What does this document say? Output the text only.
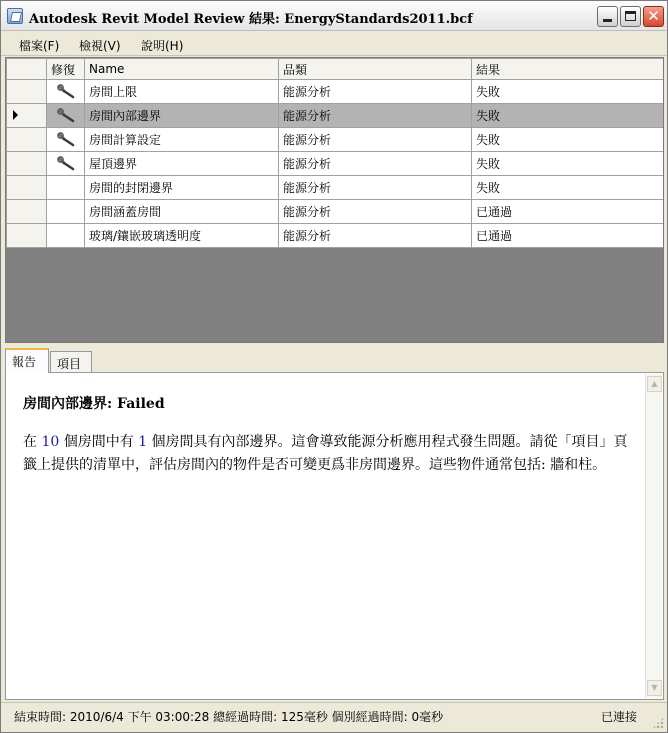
Autodesk Revit Model Review 結果: EnergyStandards2011.bcf	✕
檔案(F) 檢視(V) 說明(H)
	修復	Name	品類	結果
		房間上限	能源分析	失敗
		房間內部邊界	能源分析	失敗
		房間計算設定	能源分析	失敗
		屋頂邊界	能源分析	失敗
		房間的封閉邊界	能源分析	失敗
		房間涵蓋房間	能源分析	已通過
		玻璃/鑲嵌玻璃透明度	能源分析	已通過
報告	項目
房間內部邊界: Failed
在 10 個房間中有 1 個房間具有內部邊界。這會導致能源分析應用程式發生問題。請從「項目」頁籤上提供的清單中，評估房間內的物件是否可變更爲非房間邊界。這些物件通常包括: 牆和柱。
▲
▼
結束時間: 2010/6/4 下午 03:00:28 總經過時間: 125毫秒 個別經過時間: 0毫秒	已連接
